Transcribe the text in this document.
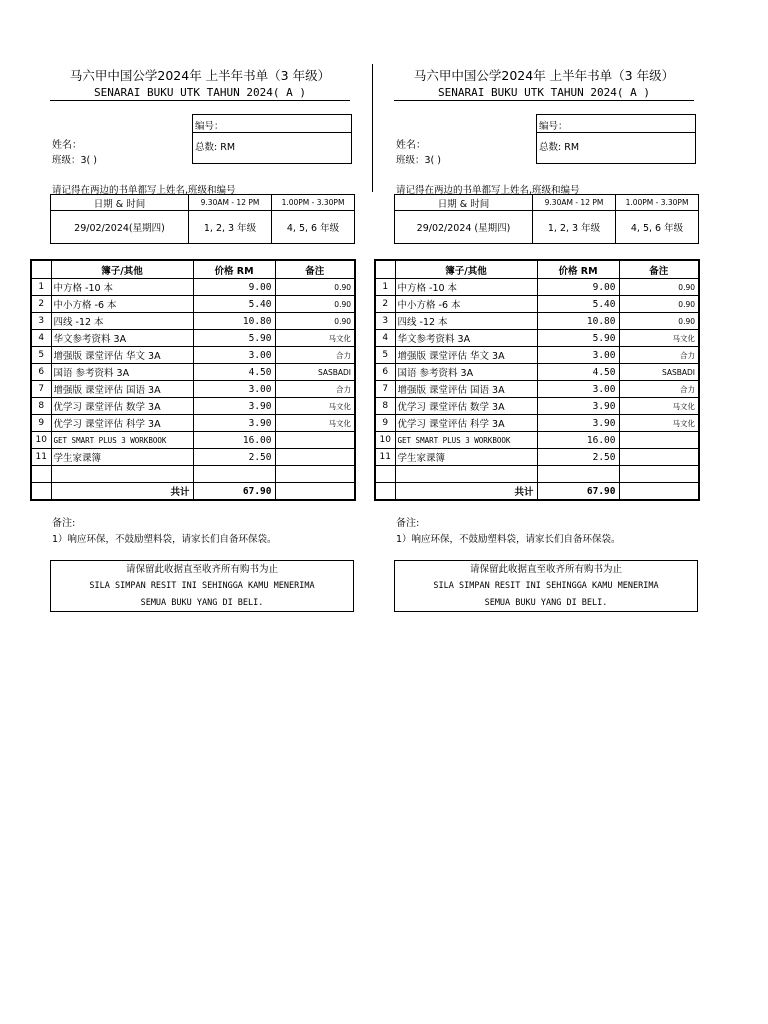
马六甲中国公学2024年 上半年书单（3 年级）
SENARAI BUKU UTK TAHUN 2024( A )
姓名：
班级：3( )
编号：
总数: RM
请记得在两边的书单都写上姓名,班级和编号
日期 & 时间	9.30AM - 12 PM	1.00PM - 3.30PM
29/02/2024(星期四)	1, 2, 3 年级	4, 5, 6 年级
	簿子/其他	价格 RM	备注
1	中方格 -10 本	9.00	0.90
2	中小方格 -6 本	5.40	0.90
3	四线 -12 本	10.80	0.90
4	华文参考资料 3A	5.90	马文化
5	增强版 课堂评估 华文 3A	3.00	合力
6	国语 参考资料 3A	4.50	SASBADI
7	增强版 课堂评估 国语 3A	3.00	合力
8	优学习 课堂评估 数学 3A	3.90	马文化
9	优学习 课堂评估 科学 3A	3.90	马文化
10	GET SMART PLUS 3 WORKBOOK	16.00	
11	学生家课簿	2.50	

	共计	67.90	
备注:
1）响应环保，不鼓励塑料袋，请家长们自备环保袋。
请保留此收据直至收齐所有购书为止
SILA SIMPAN RESIT INI SEHINGGA KAMU MENERIMA
SEMUA BUKU YANG DI BELI.
马六甲中国公学2024年 上半年书单（3 年级）
SENARAI BUKU UTK TAHUN 2024( A )
姓名：
班级：3( )
编号：
总数: RM
请记得在两边的书单都写上姓名,班级和编号
日期 & 时间	9.30AM - 12 PM	1.00PM - 3.30PM
29/02/2024 (星期四)	1, 2, 3 年级	4, 5, 6 年级
	簿子/其他	价格 RM	备注
1	中方格 -10 本	9.00	0.90
2	中小方格 -6 本	5.40	0.90
3	四线 -12 本	10.80	0.90
4	华文参考资料 3A	5.90	马文化
5	增强版 课堂评估 华文 3A	3.00	合力
6	国语 参考资料 3A	4.50	SASBADI
7	增强版 课堂评估 国语 3A	3.00	合力
8	优学习 课堂评估 数学 3A	3.90	马文化
9	优学习 课堂评估 科学 3A	3.90	马文化
10	GET SMART PLUS 3 WORKBOOK	16.00	
11	学生家课簿	2.50	

	共计	67.90	
备注:
1）响应环保，不鼓励塑料袋，请家长们自备环保袋。
请保留此收据直至收齐所有购书为止
SILA SIMPAN RESIT INI SEHINGGA KAMU MENERIMA
SEMUA BUKU YANG DI BELI.
